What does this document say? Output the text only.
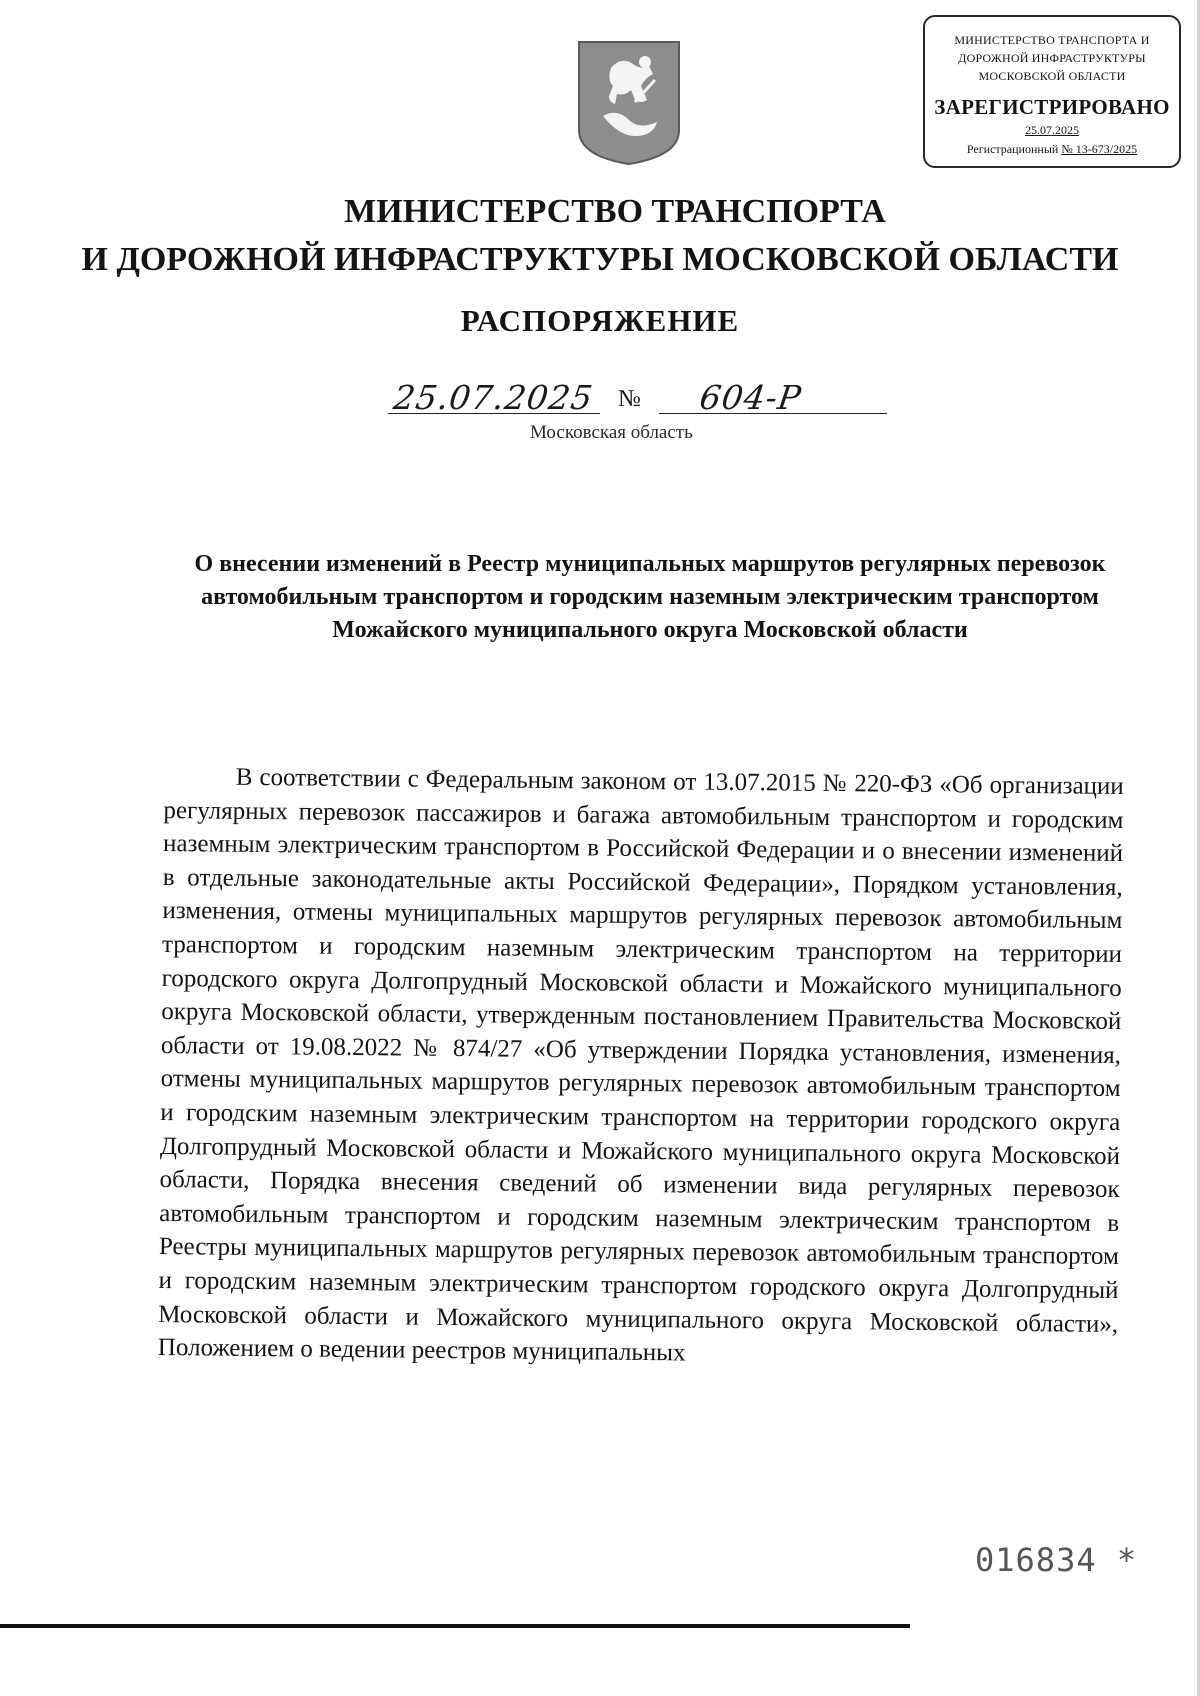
МИНИСТЕРСТВО ТРАНСПОРТА И
ДОРОЖНОЙ ИНФРАСТРУКТУРЫ
МОСКОВСКОЙ ОБЛАСТИ
ЗАРЕГИСТРИРОВАНО
25.07.2025
Регистрационный № 13-673/2025
МИНИСТЕРСТВО ТРАНСПОРТА
И ДОРОЖНОЙ ИНФРАСТРУКТУРЫ МОСКОВСКОЙ ОБЛАСТИ
РАСПОРЯЖЕНИЕ
25.07.2025 № 604-Р
Московская область
О внесении изменений в Реестр муниципальных маршрутов регулярных перевозок автомобильным транспортом и городским наземным электрическим транспортом Можайского муниципального округа Московской области
В соответствии с Федеральным законом от 13.07.2015 № 220-ФЗ «Об организации регулярных перевозок пассажиров и багажа автомобильным транспортом и городским наземным электрическим транспортом в Российской Федерации и о внесении изменений в отдельные законодательные акты Российской Федерации», Порядком установления, изменения, отмены муниципальных маршрутов регулярных перевозок автомобильным транспортом и городским наземным электрическим транспортом на территории городского округа Долгопрудный Московской области и Можайского муниципального округа Московской области, утвержденным постановлением Правительства Московской области от 19.08.2022 № 874/27 «Об утверждении Порядка установления, изменения, отмены муниципальных маршрутов регулярных перевозок автомобильным транспортом и городским наземным электрическим транспортом на территории городского округа Долгопрудный Московской области и Можайского муниципального округа Московской области, Порядка внесения сведений об изменении вида регулярных перевозок автомобильным транспортом и городским наземным электрическим транспортом в Реестры муниципальных маршрутов регулярных перевозок автомобильным транспортом и городским наземным электрическим транспортом городского округа Долгопрудный Московской области и Можайского муниципального округа Московской области», Положением о ведении реестров муниципальных
016834 *
